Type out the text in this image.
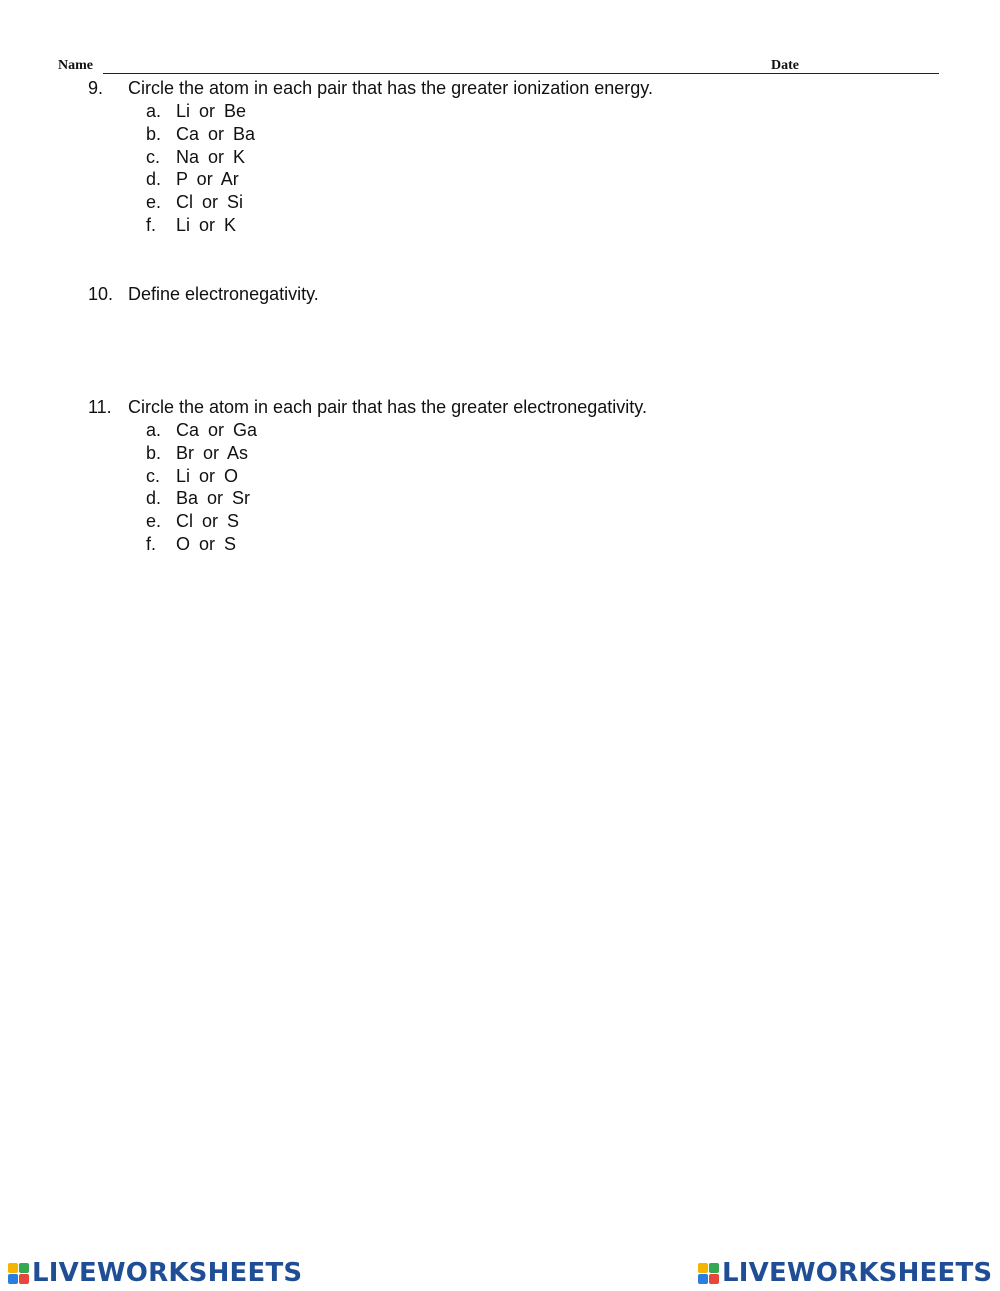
Name	Date
9. Circle the atom in each pair that has the greater ionization energy.
a. Li or Be
b. Ca or Ba
c. Na or K
d. P or Ar
e. Cl or Si
f. Li or K
10. Define electronegativity.
11. Circle the atom in each pair that has the greater electronegativity.
a. Ca or Ga
b. Br or As
c. Li or O
d. Ba or Sr
e. Cl or S
f. O or S
LIVEWORKSHEETS	LIVEWORKSHEETS
